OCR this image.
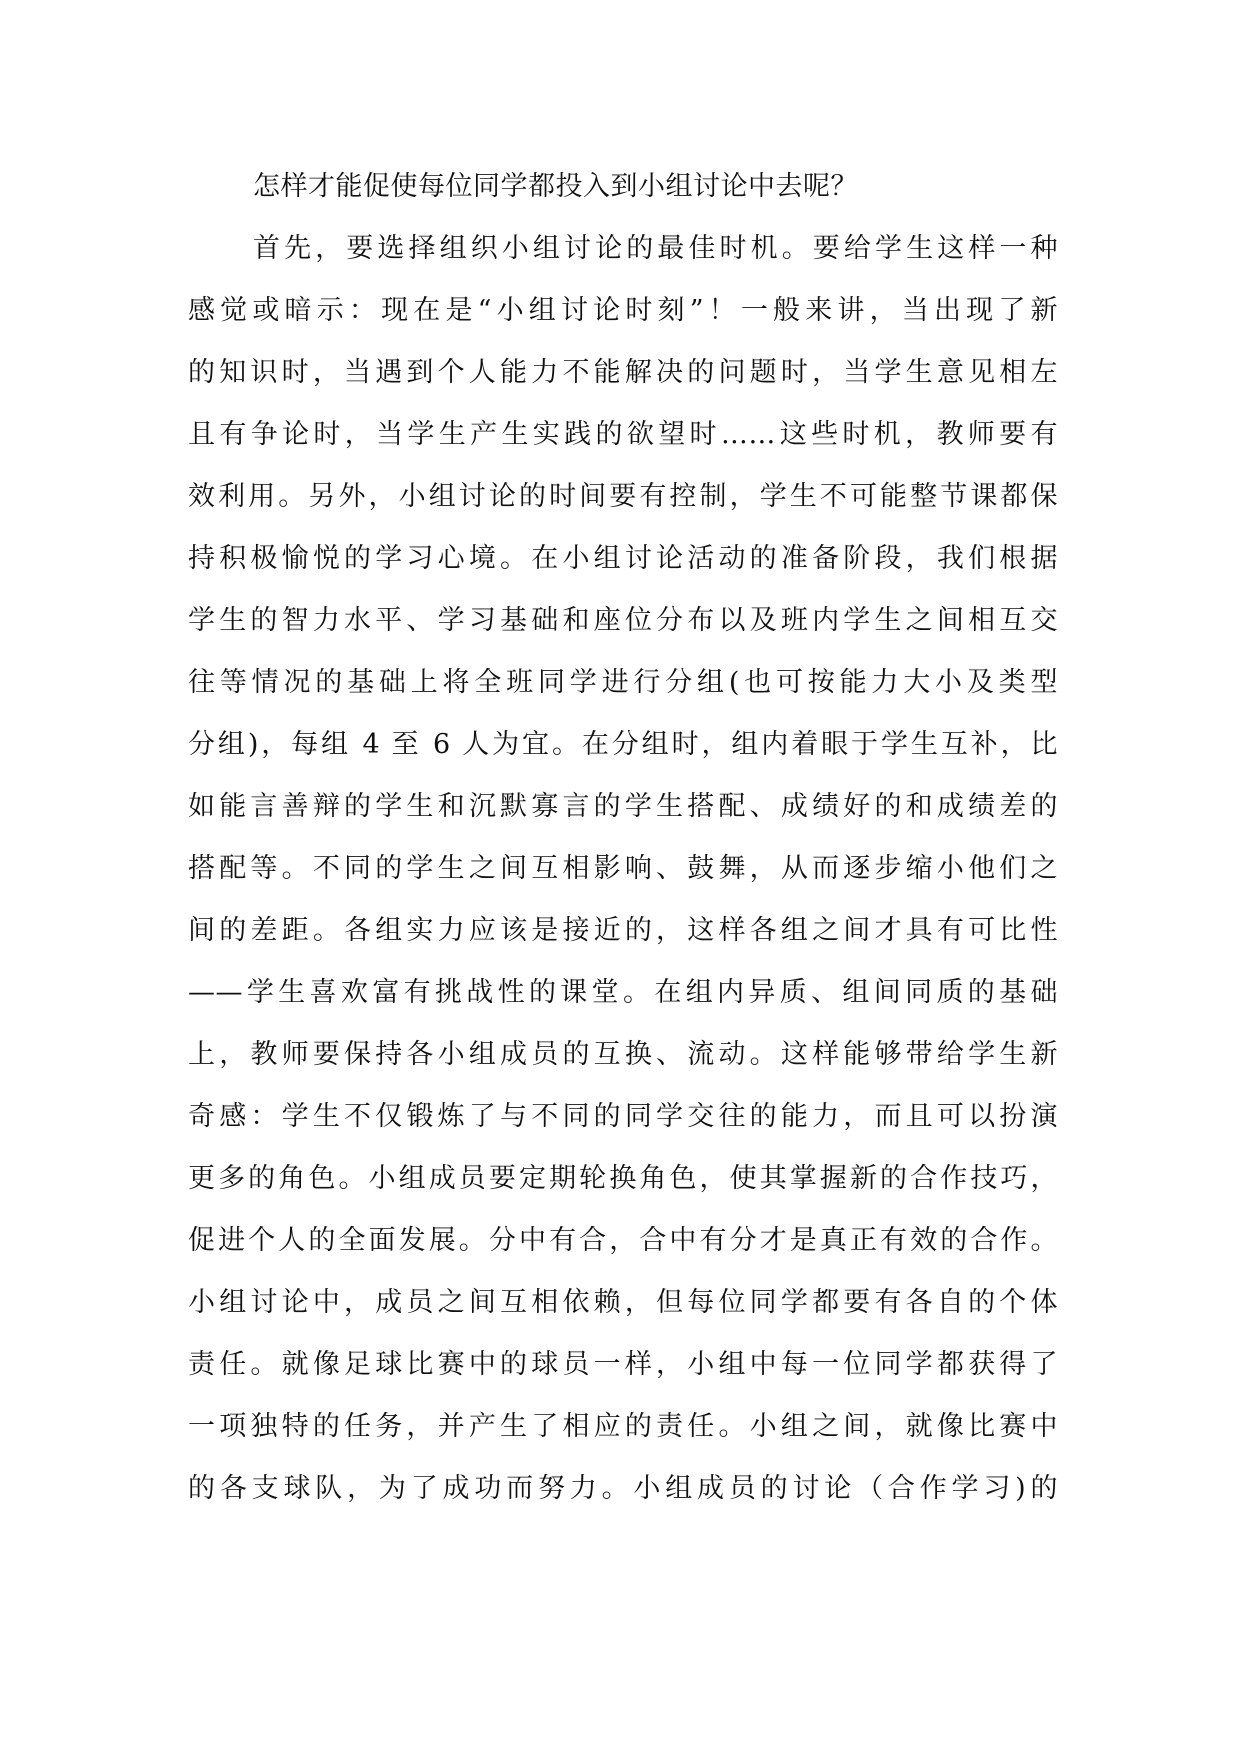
怎样才能促使每位同学都投入到小组讨论中去呢？
首先，要选择组织小组讨论的最佳时机。要给学生这样一种
感觉或暗示：现在是“小组讨论时刻”！一般来讲，当出现了新
的知识时，当遇到个人能力不能解决的问题时，当学生意见相左
且有争论时，当学生产生实践的欲望时……这些时机，教师要有
效利用。另外，小组讨论的时间要有控制，学生不可能整节课都保
持积极愉悦的学习心境。在小组讨论活动的准备阶段，我们根据
学生的智力水平、学习基础和座位分布以及班内学生之间相互交
往等情况的基础上将全班同学进行分组(也可按能力大小及类型
分组)，每组 4 至 6 人为宜。在分组时，组内着眼于学生互补，比
如能言善辩的学生和沉默寡言的学生搭配、成绩好的和成绩差的
搭配等。不同的学生之间互相影响、鼓舞，从而逐步缩小他们之
间的差距。各组实力应该是接近的，这样各组之间才具有可比性
——学生喜欢富有挑战性的课堂。在组内异质、组间同质的基础
上，教师要保持各小组成员的互换、流动。这样能够带给学生新
奇感：学生不仅锻炼了与不同的同学交往的能力，而且可以扮演
更多的角色。小组成员要定期轮换角色，使其掌握新的合作技巧，
促进个人的全面发展。分中有合，合中有分才是真正有效的合作。
小组讨论中，成员之间互相依赖，但每位同学都要有各自的个体
责任。就像足球比赛中的球员一样，小组中每一位同学都获得了
一项独特的任务，并产生了相应的责任。小组之间，就像比赛中
的各支球队，为了成功而努力。小组成员的讨论（合作学习)的
